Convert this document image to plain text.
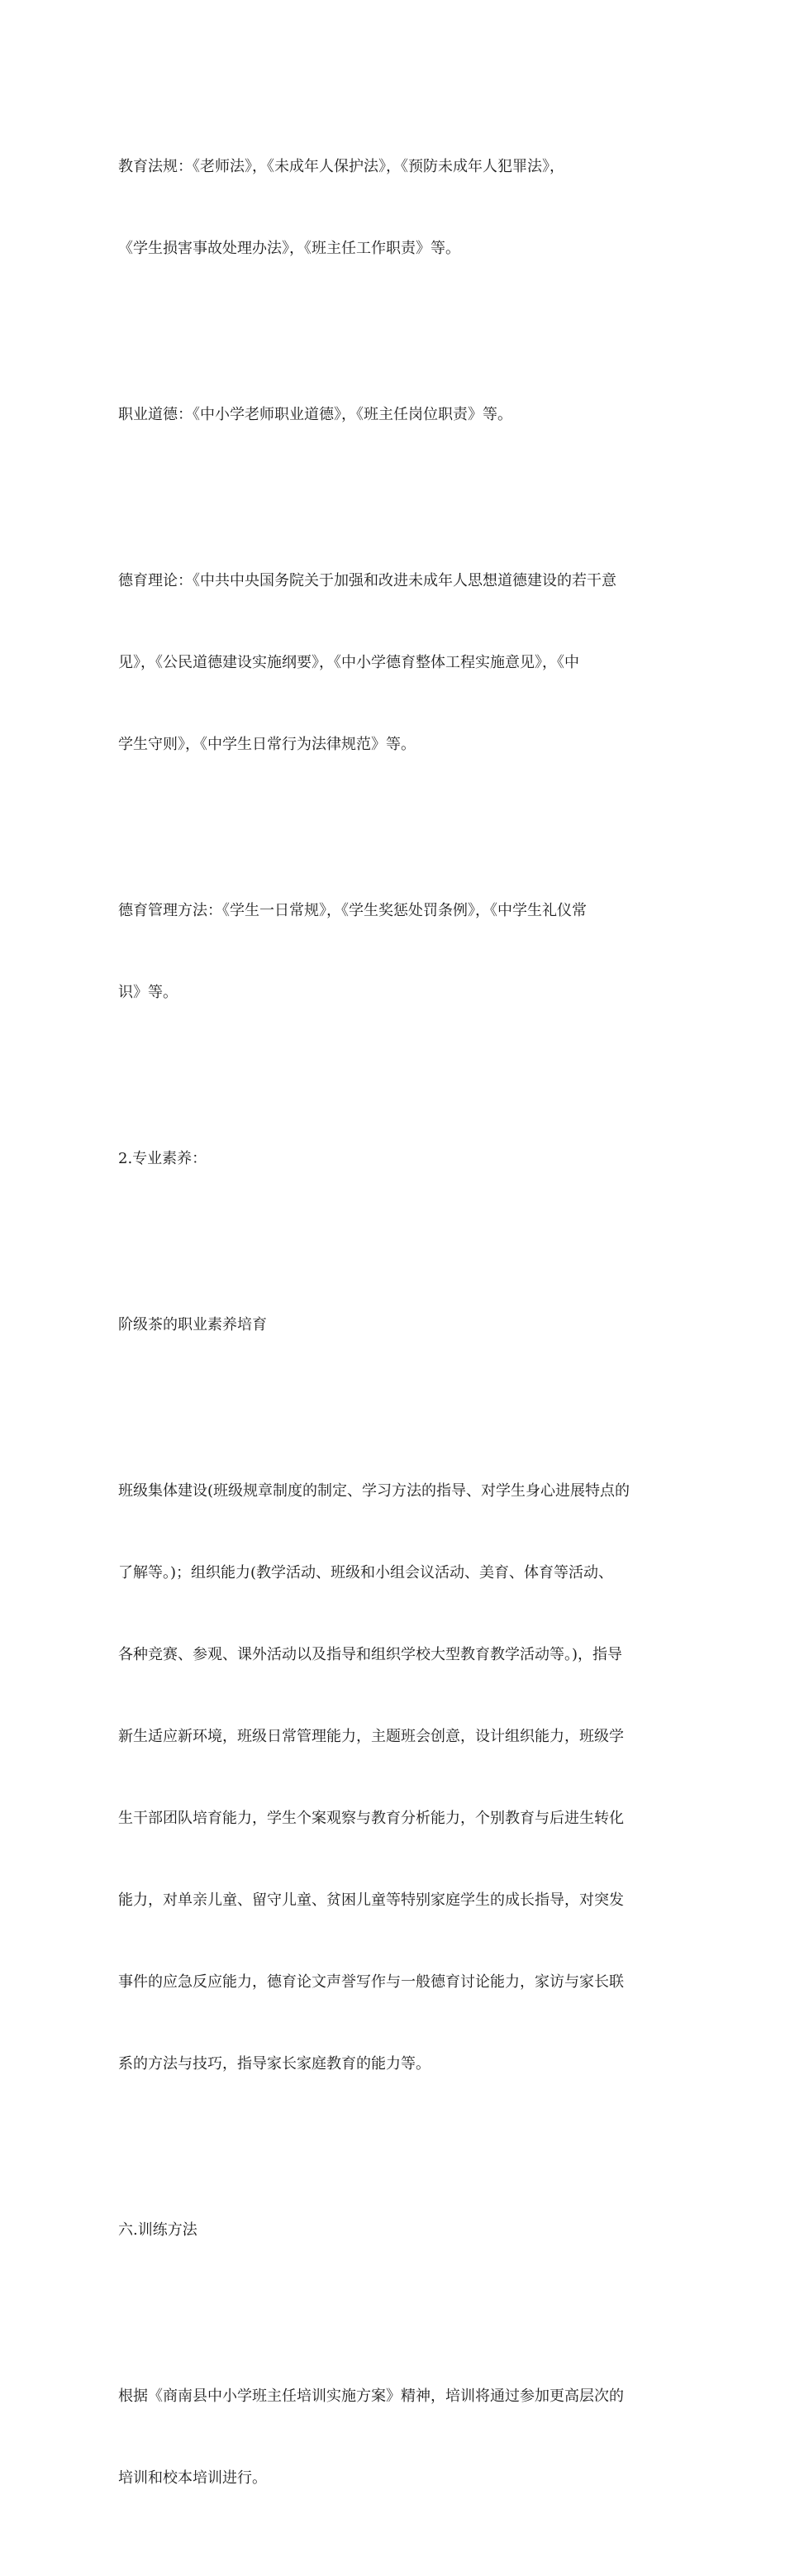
教育法规：《老师法》，《未成年人保护法》，《预防未成年人犯罪法》，

《学生损害事故处理办法》，《班主任工作职责》等。

职业道德：《中小学老师职业道德》，《班主任岗位职责》等。

德育理论：《中共中央国务院关于加强和改进未成年人思想道德建设的若干意

见》，《公民道德建设实施纲要》，《中小学德育整体工程实施意见》，《中

学生守则》，《中学生日常行为法律规范》等。

德育管理方法：《学生一日常规》，《学生奖惩处罚条例》，《中学生礼仪常

识》等。

2.专业素养：

阶级茶的职业素养培育

班级集体建设(班级规章制度的制定、学习方法的指导、对学生身心进展特点的

了解等。)；组织能力(教学活动、班级和小组会议活动、美育、体育等活动、

各种竞赛、参观、课外活动以及指导和组织学校大型教育教学活动等。)，指导

新生适应新环境，班级日常管理能力，主题班会创意，设计组织能力，班级学

生干部团队培育能力，学生个案观察与教育分析能力，个别教育与后进生转化

能力，对单亲儿童、留守儿童、贫困儿童等特别家庭学生的成长指导，对突发

事件的应急反应能力，德育论文声誉写作与一般德育讨论能力，家访与家长联

系的方法与技巧，指导家长家庭教育的能力等。

六.训练方法

根据《商南县中小学班主任培训实施方案》精神，培训将通过参加更高层次的

培训和校本培训进行。
